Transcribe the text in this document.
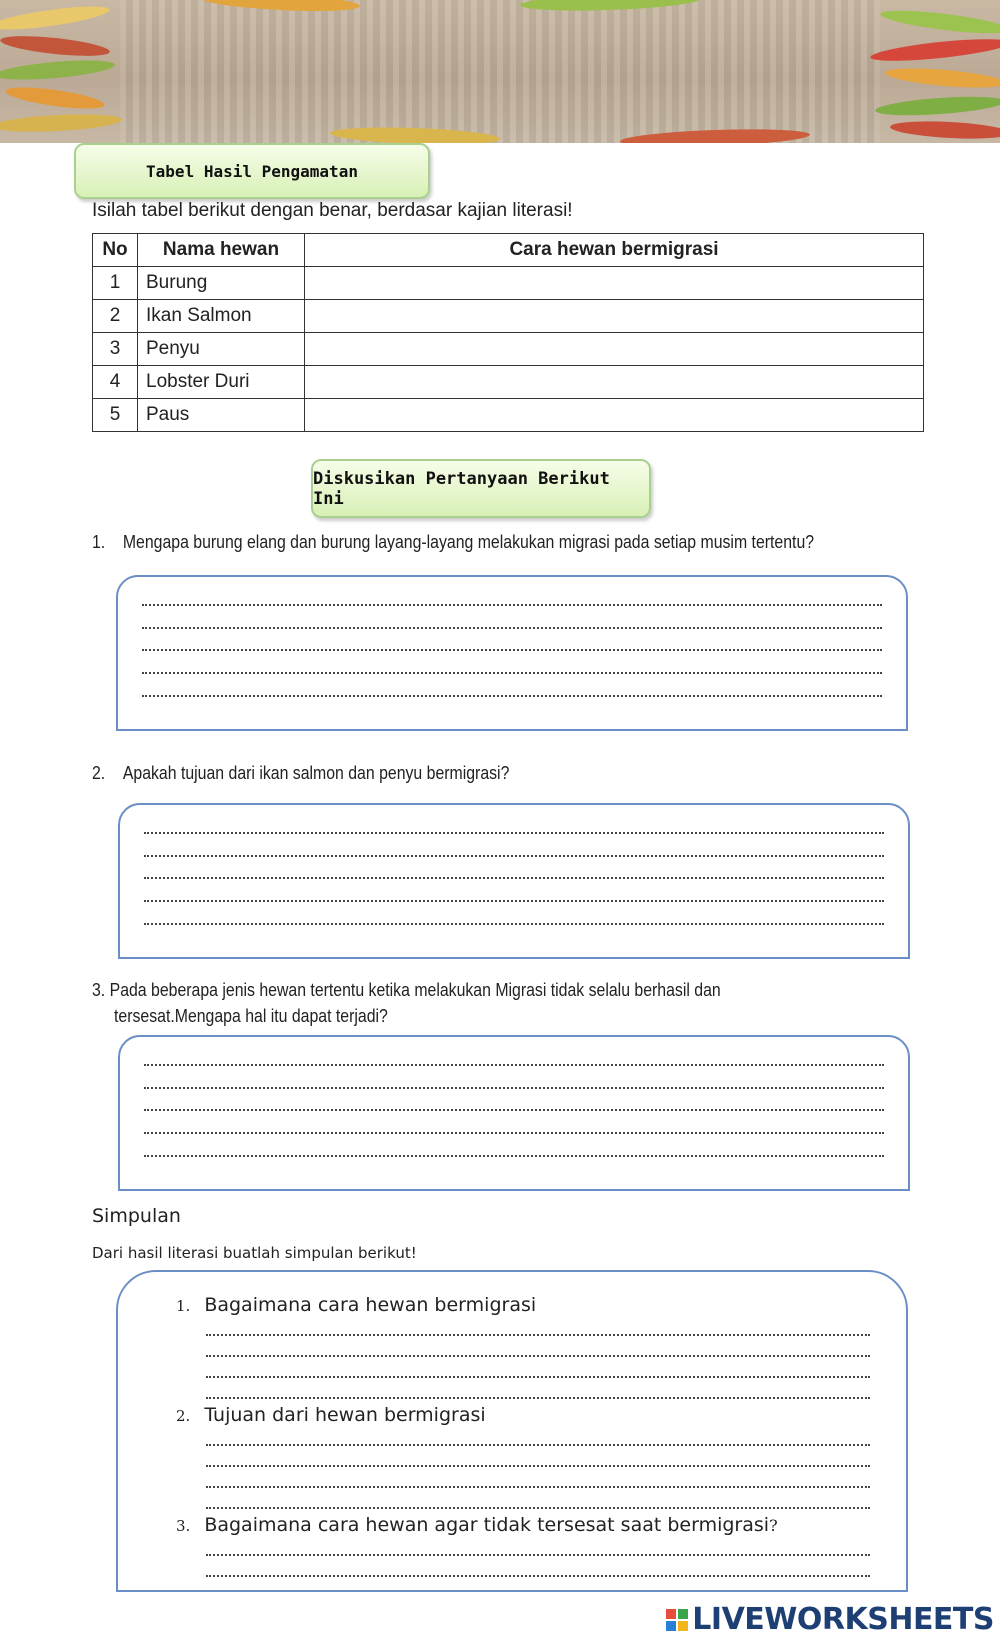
Tabel Hasil Pengamatan
Isilah tabel berikut dengan benar, berdasar kajian literasi!
No	Nama hewan	Cara hewan bermigrasi
1	Burung	
2	Ikan Salmon	
3	Penyu	
4	Lobster Duri	
5	Paus	
Diskusikan Pertanyaan Berikut Ini
1. Mengapa burung elang dan burung layang-layang melakukan migrasi pada setiap musim tertentu?
2. Apakah tujuan dari ikan salmon dan penyu bermigrasi?
3. Pada beberapa jenis hewan tertentu ketika melakukan Migrasi tidak selalu berhasil dan
tersesat.Mengapa hal itu dapat terjadi?
Simpulan
Dari hasil literasi buatlah simpulan berikut!
1. Bagaimana cara hewan bermigrasi
2. Tujuan dari hewan bermigrasi
3. Bagaimana cara hewan agar tidak tersesat saat bermigrasi?
LIVEWORKSHEETS
